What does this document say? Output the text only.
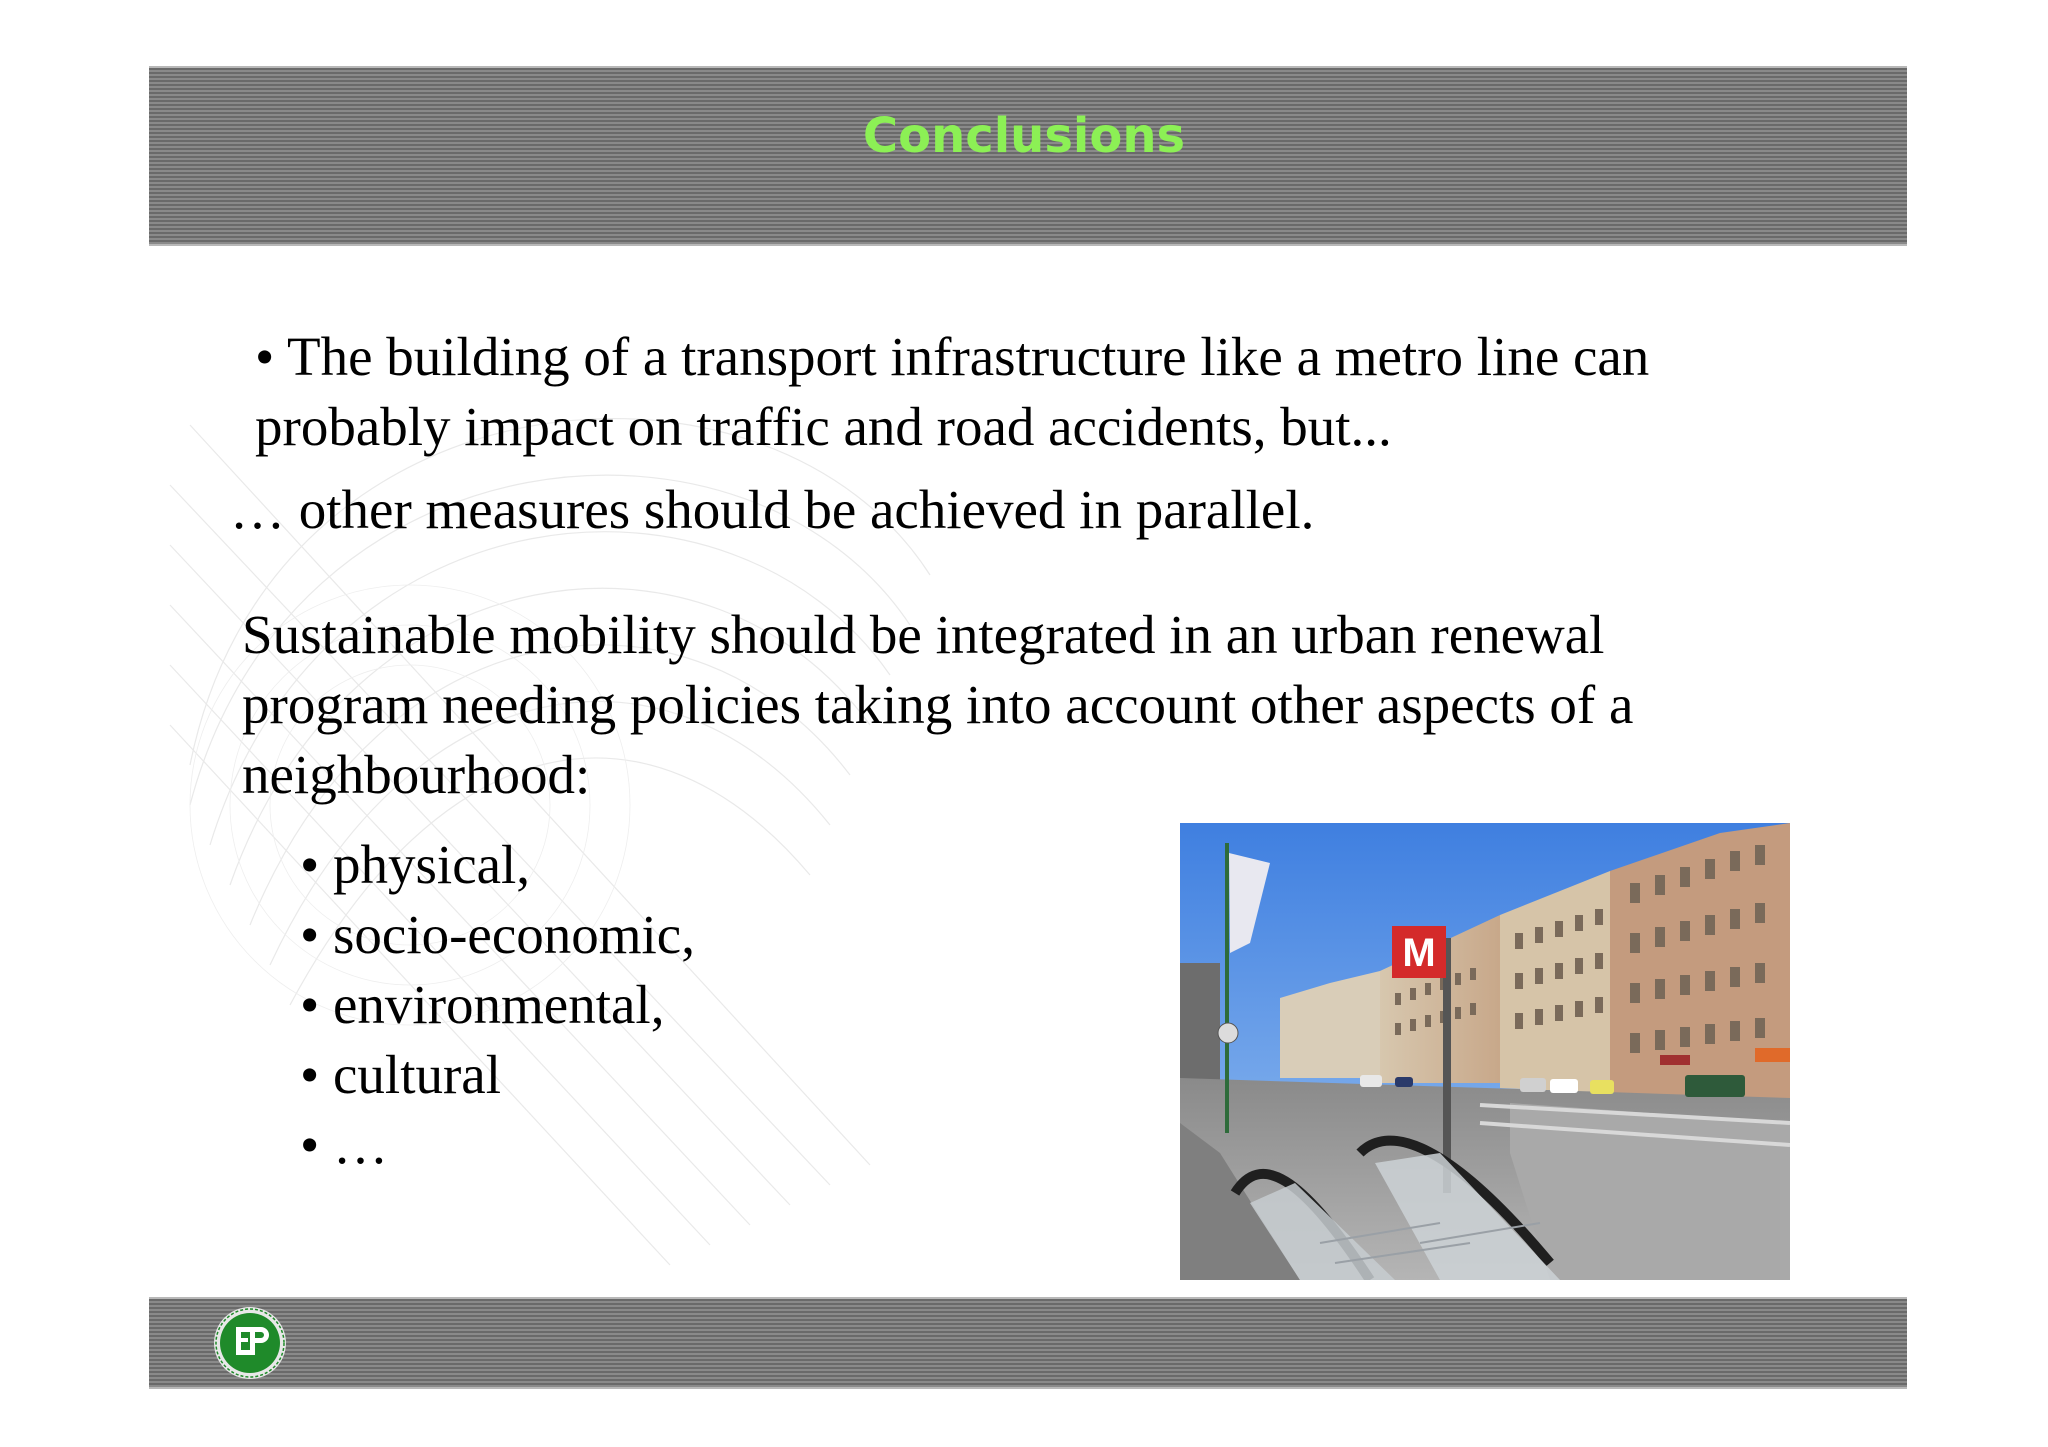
Conclusions

• The building of a transport infrastructure like a metro line can probably impact on traffic and road accidents, but...

… other measures should be achieved in parallel.

Sustainable mobility should be integrated in an urban renewal program needing policies taking into account other aspects of a neighbourhood:

• physical,
• socio-economic,
• environmental,
• cultural
• …
M
